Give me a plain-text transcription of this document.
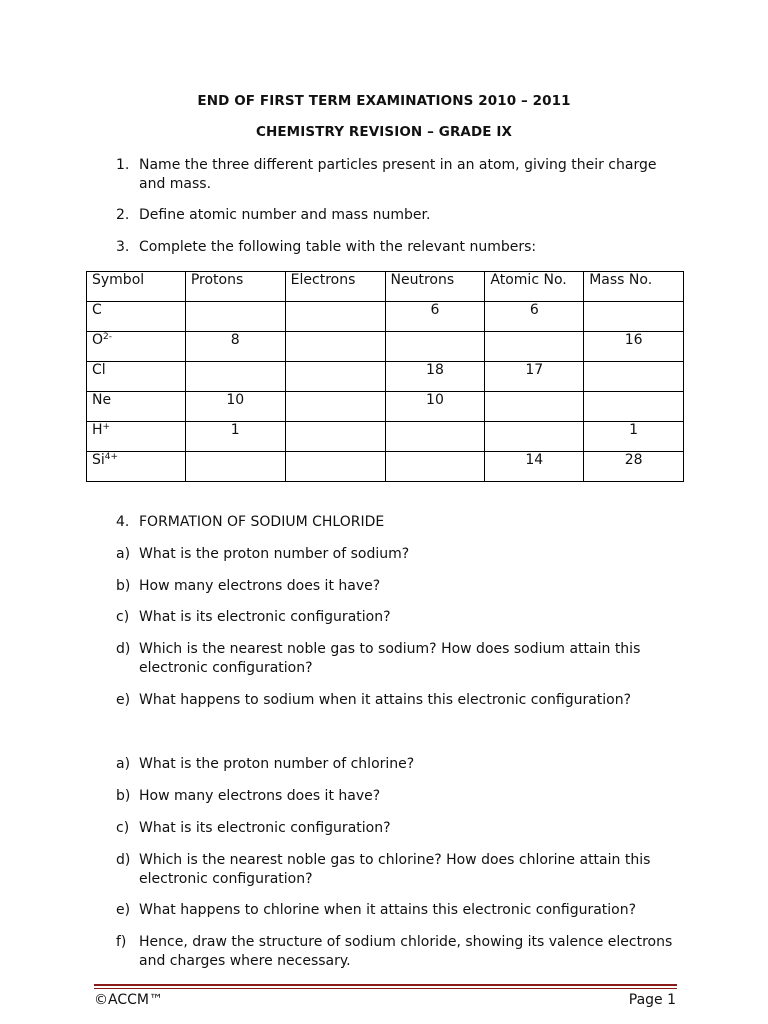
END OF FIRST TERM EXAMINATIONS 2010 – 2011
CHEMISTRY REVISION – GRADE IX
1. Name the three different particles present in an atom, giving their charge and mass.
2. Define atomic number and mass number.
3. Complete the following table with the relevant numbers:
Symbol	Protons	Electrons	Neutrons	Atomic No.	Mass No.
C			6	6	
$O^{2-}$	8				16
Cl			18	17	
Ne	10		10		
H+	1				1
$Si^{4+}$				14	28
4. FORMATION OF SODIUM CHLORIDE
a) What is the proton number of sodium?
b) How many electrons does it have?
c) What is its electronic configuration?
d) Which is the nearest noble gas to sodium? How does sodium attain this electronic configuration?
e) What happens to sodium when it attains this electronic configuration?
a) What is the proton number of chlorine?
b) How many electrons does it have?
c) What is its electronic configuration?
d) Which is the nearest noble gas to chlorine? How does chlorine attain this electronic configuration?
e) What happens to chlorine when it attains this electronic configuration?
f) Hence, draw the structure of sodium chloride, showing its valence electrons and charges where necessary.
©ACCM™	Page 1
